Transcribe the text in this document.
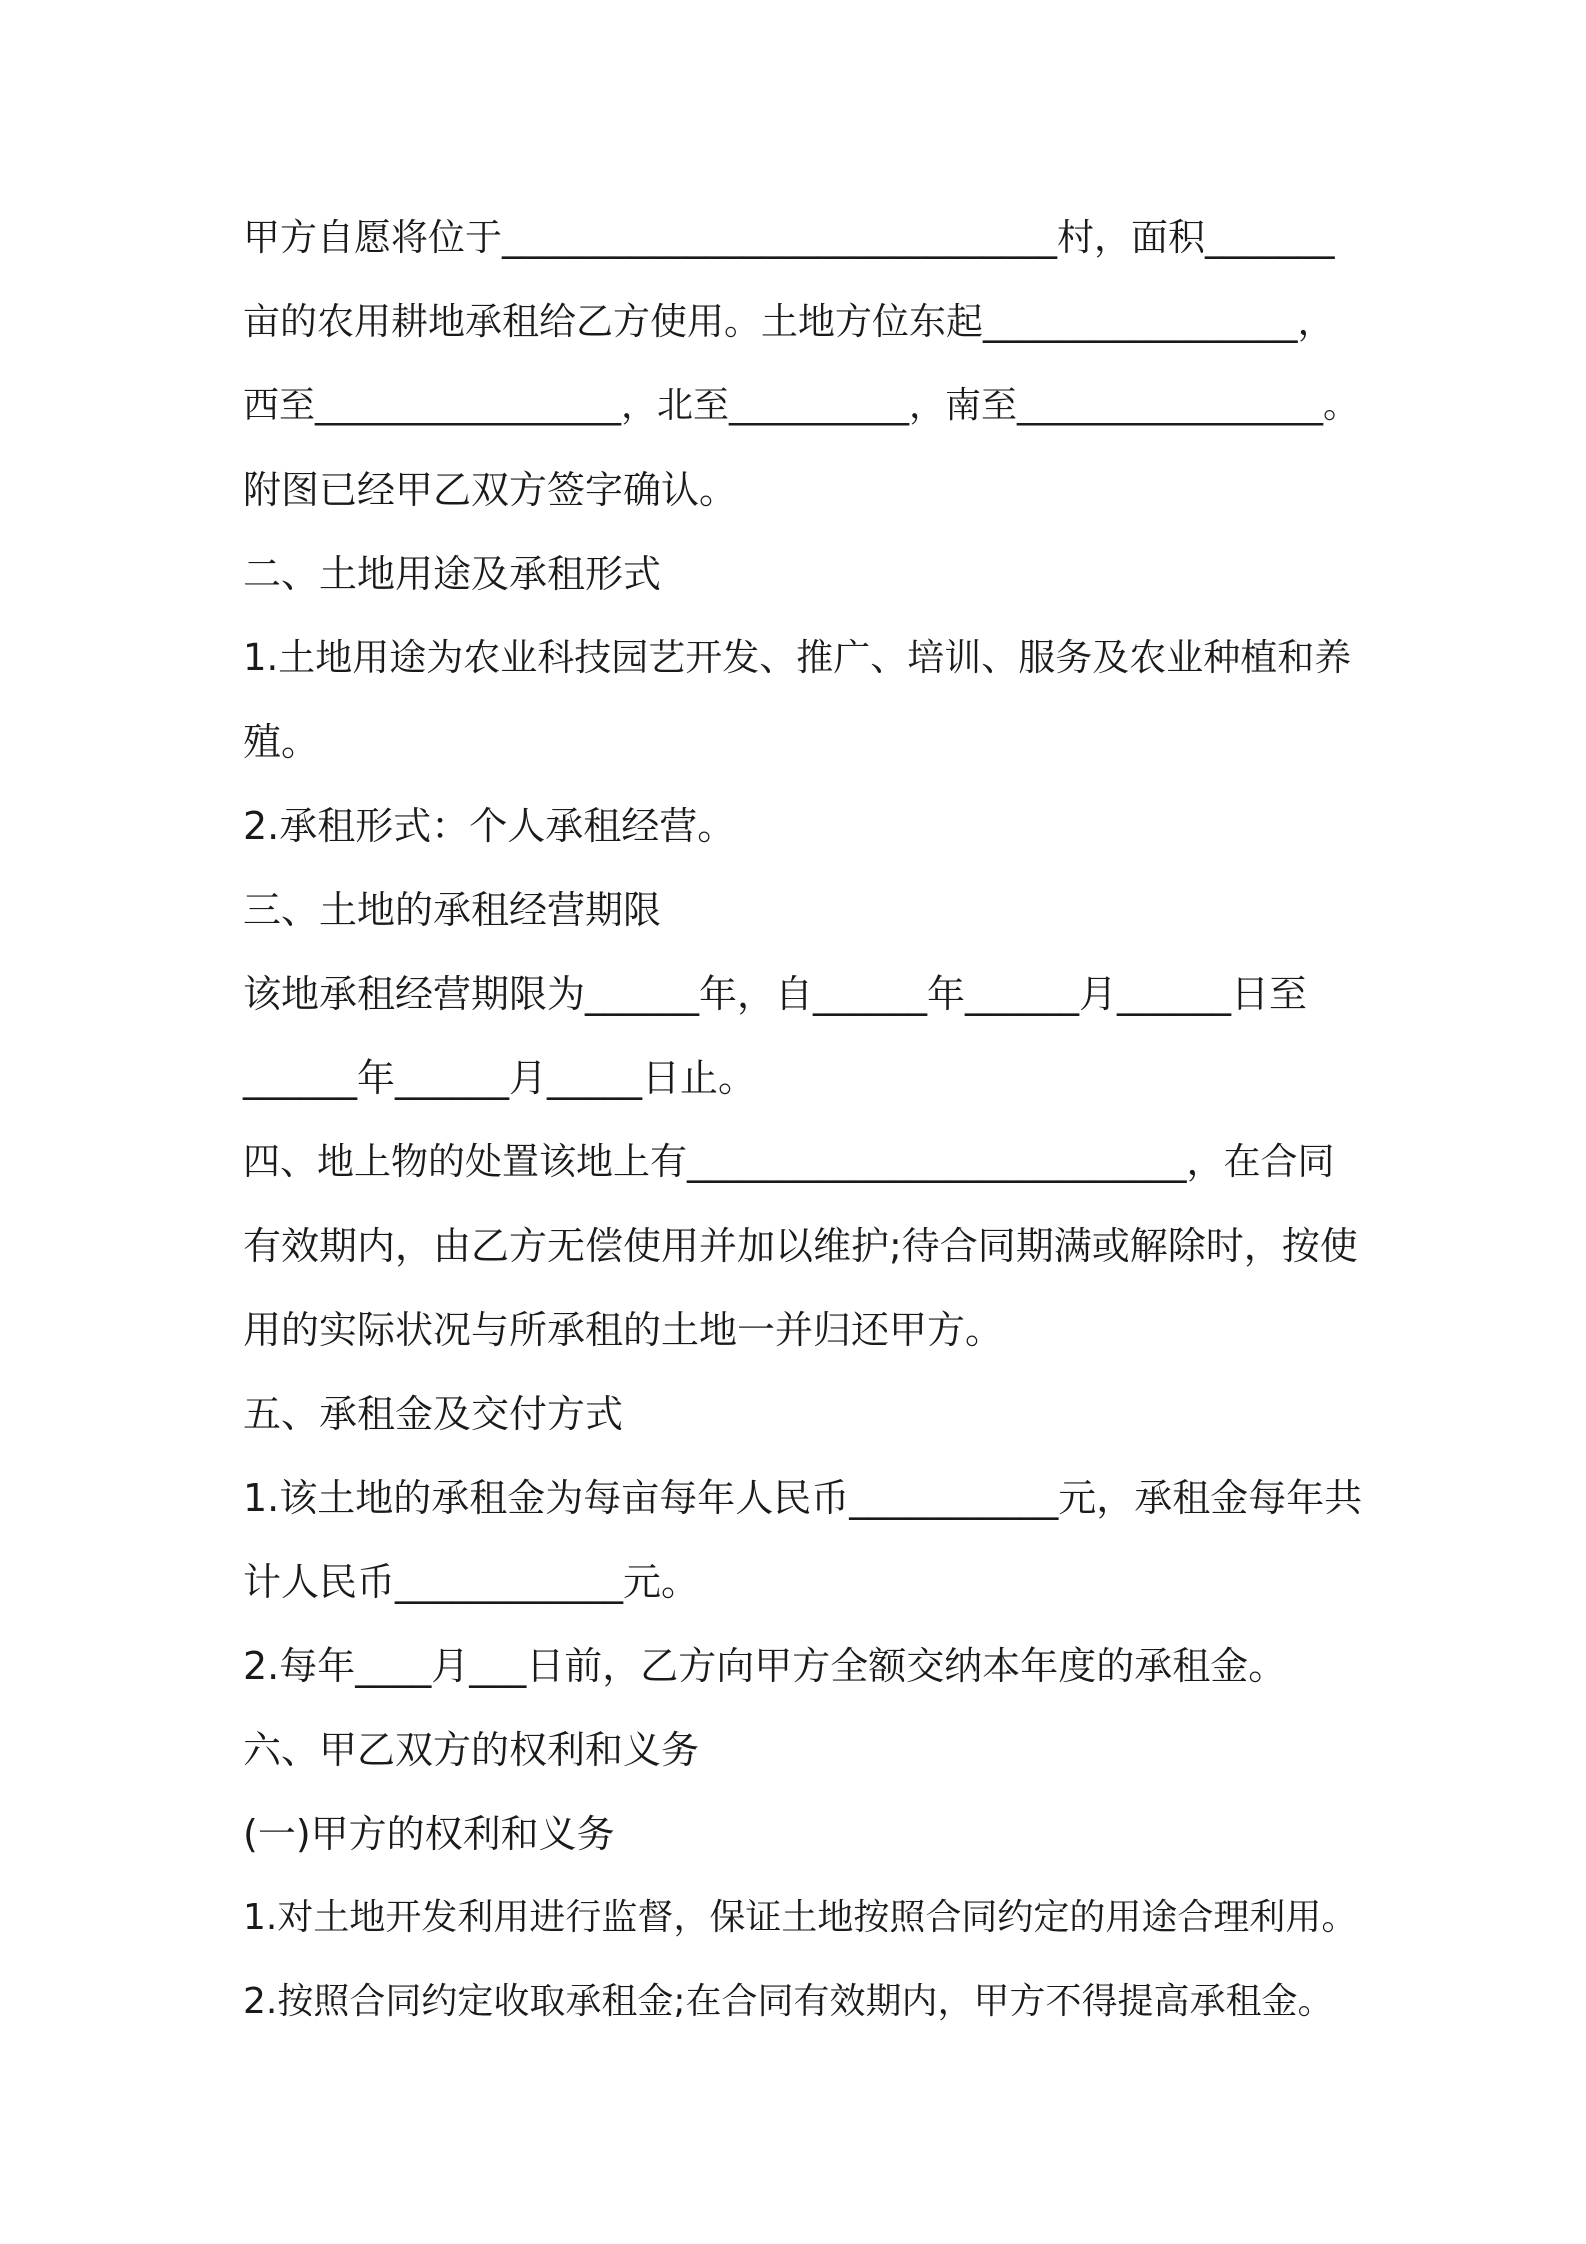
甲方自愿将位于______________________________村，面积_______
亩的农用耕地承租给乙方使用。土地方位东起_________________，
西至_________________，北至__________，南至_________________。
附图已经甲乙双方签字确认。
二、土地用途及承租形式
1.土地用途为农业科技园艺开发、推广、培训、服务及农业种植和养
殖。
2.承租形式：个人承租经营。
三、土地的承租经营期限
该地承租经营期限为______年，自______年______月______日至
______年______月_____日止。
四、地上物的处置该地上有___________________________，在合同
有效期内，由乙方无偿使用并加以维护;待合同期满或解除时，按使
用的实际状况与所承租的土地一并归还甲方。
五、承租金及交付方式
1.该土地的承租金为每亩每年人民币___________元，承租金每年共
计人民币____________元。
2.每年____月___日前，乙方向甲方全额交纳本年度的承租金。
六、甲乙双方的权利和义务
(一)甲方的权利和义务
1.对土地开发利用进行监督，保证土地按照合同约定的用途合理利用。
2.按照合同约定收取承租金;在合同有效期内，甲方不得提高承租金。
